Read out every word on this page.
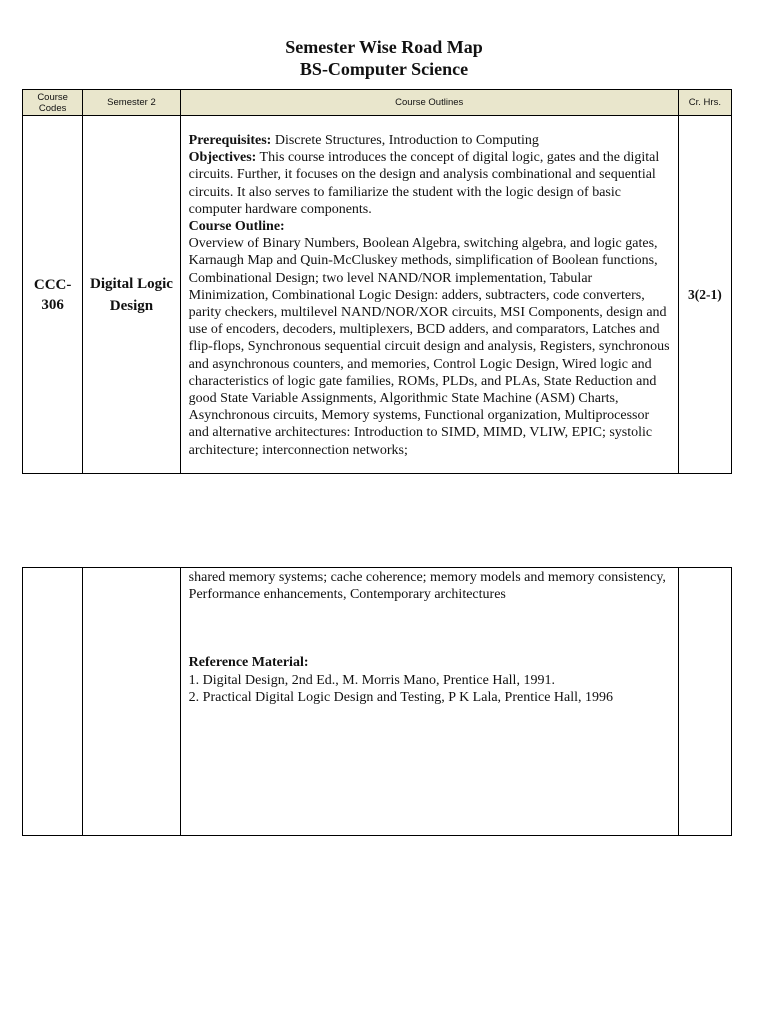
Semester Wise Road Map
BS-Computer Science
Course Codes	Semester 2	Course Outlines	Cr. Hrs.
CCC-306	Digital Logic Design	Prerequisites: Discrete Structures, Introduction to Computing
Objectives: This course introduces the concept of digital logic, gates and the digital circuits. Further, it focuses on the design and analysis combinational and sequential circuits. It also serves to familiarize the student with the logic design of basic computer hardware components.
Course Outline:
Overview of Binary Numbers, Boolean Algebra, switching algebra, and logic gates, Karnaugh Map and Quin-McCluskey methods, simplification of Boolean functions, Combinational Design; two level NAND/NOR implementation, Tabular Minimization, Combinational Logic Design: adders, subtracters, code converters, parity checkers, multilevel NAND/NOR/XOR circuits, MSI Components, design and use of encoders, decoders, multiplexers, BCD adders, and comparators, Latches and flip-flops, Synchronous sequential circuit design and analysis, Registers, synchronous and asynchronous counters, and memories, Control Logic Design, Wired logic and characteristics of logic gate families, ROMs, PLDs, and PLAs, State Reduction and good State Variable Assignments, Algorithmic State Machine (ASM) Charts, Asynchronous circuits, Memory systems, Functional organization, Multiprocessor and alternative architectures: Introduction to SIMD, MIMD, VLIW, EPIC; systolic architecture; interconnection networks;	3(2-1)

shared memory systems; cache coherence; memory models and memory consistency, Performance enhancements, Contemporary architectures
Reference Material:
1. Digital Design, 2nd Ed., M. Morris Mano, Prentice Hall, 1991.
2. Practical Digital Logic Design and Testing, P K Lala, Prentice Hall, 1996
